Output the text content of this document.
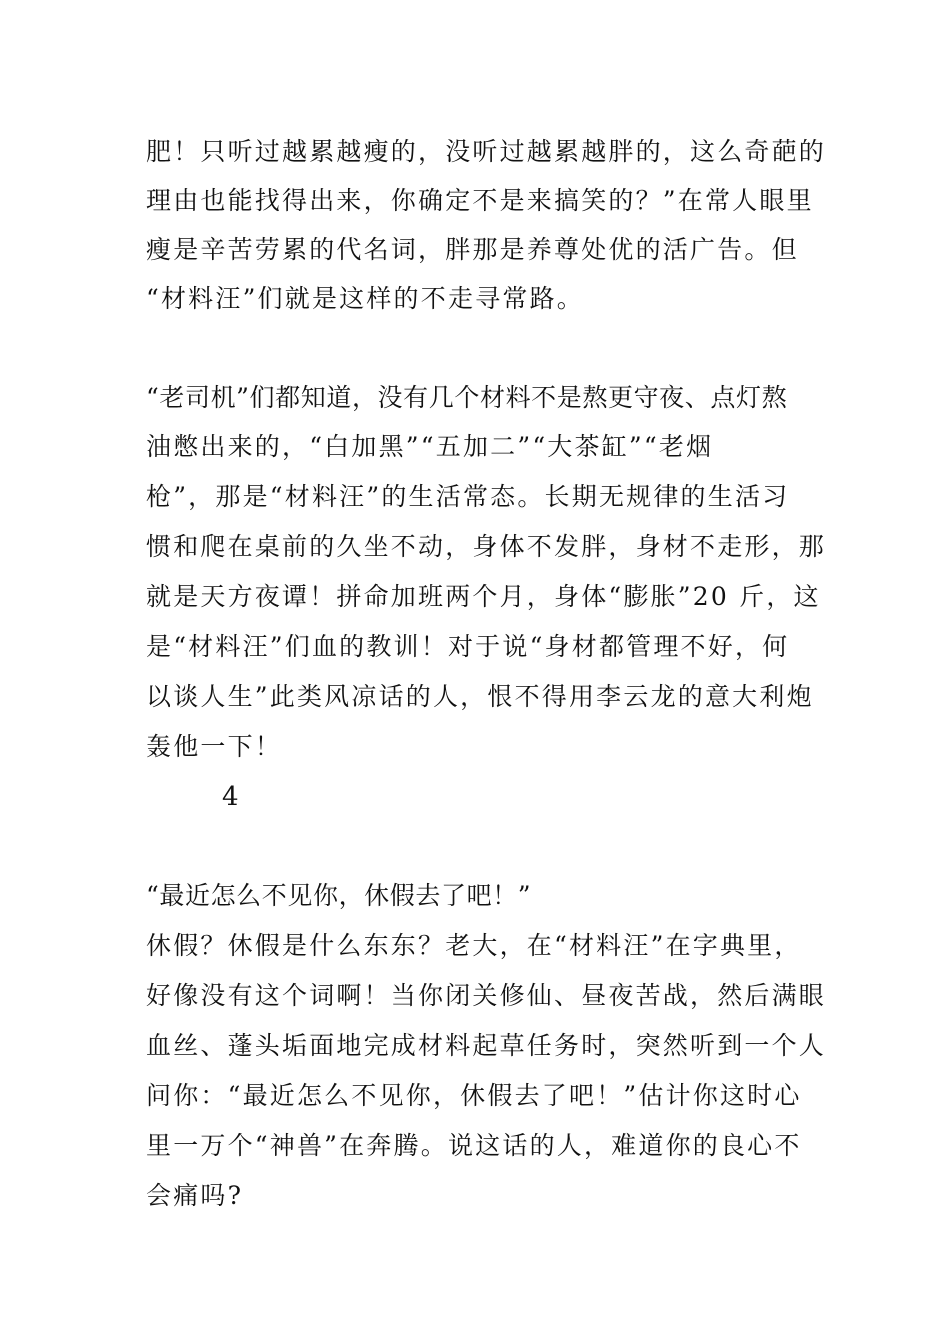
肥！只听过越累越瘦的，没听过越累越胖的，这么奇葩的
理由也能找得出来，你确定不是来搞笑的？”在常人眼里
瘦是辛苦劳累的代名词，胖那是养尊处优的活广告。但
“材料汪”们就是这样的不走寻常路。
“老司机”们都知道，没有几个材料不是熬更守夜、点灯熬
油憋出来的，“白加黑”“五加二”“大茶缸”“老烟
枪”，那是“材料汪”的生活常态。长期无规律的生活习
惯和爬在桌前的久坐不动，身体不发胖，身材不走形，那
就是天方夜谭！拼命加班两个月，身体“膨胀”20 斤，这
是“材料汪”们血的教训！对于说“身材都管理不好，何
以谈人生”此类风凉话的人，恨不得用李云龙的意大利炮
轰他一下！
4
“最近怎么不见你，休假去了吧！”
休假？休假是什么东东？老大，在“材料汪”在字典里，
好像没有这个词啊！当你闭关修仙、昼夜苦战，然后满眼
血丝、蓬头垢面地完成材料起草任务时，突然听到一个人
问你：“最近怎么不见你，休假去了吧！”估计你这时心
里一万个“神兽”在奔腾。说这话的人，难道你的良心不
会痛吗?
